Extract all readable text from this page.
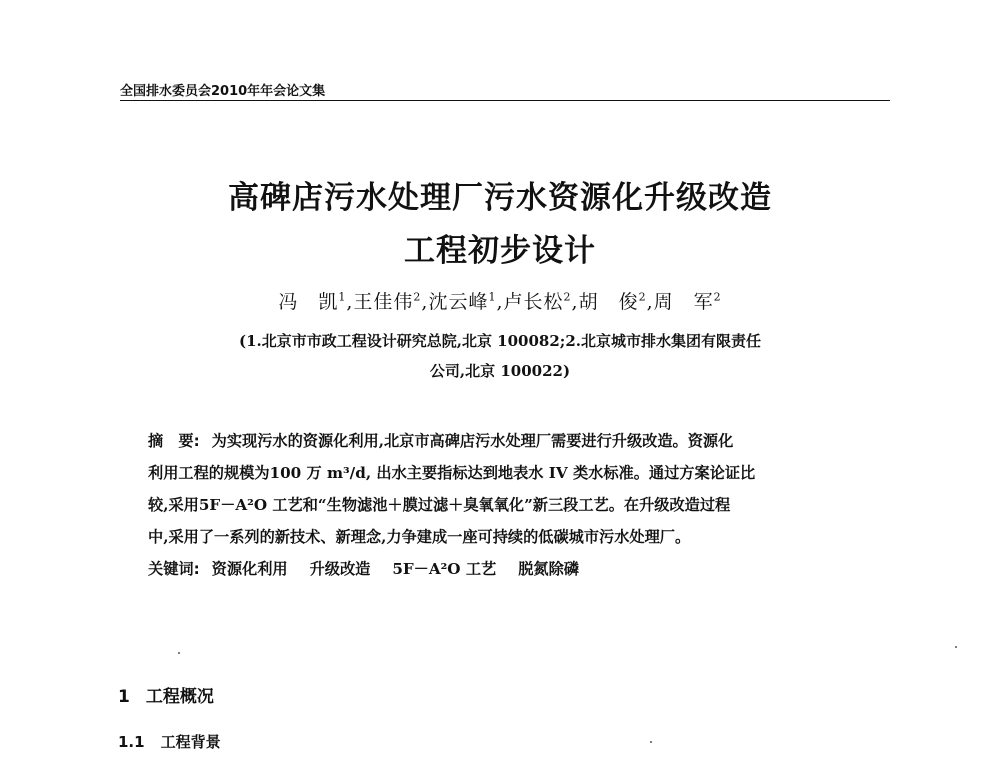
全国排水委员会2010年年会论文集
高碑店污水处理厂污水资源化升级改造
工程初步设计
冯　凯$^1$,王佳伟$^2$,沈云峰$^1$,卢长松$^2$,胡　俊$^2$,周　军$^2$
(1.北京市市政工程设计研究总院,北京 100082;2.北京城市排水集团有限责任
公司,北京 100022)

摘　要: 为实现污水的资源化利用,北京市高碑店污水处理厂需要进行升级改造。资源化

利用工程的规模为100 万 m³/d, 出水主要指标达到地表水 IV 类水标准。通过方案论证比

较,采用5F－A²O 工艺和“生物滤池＋膜过滤＋臭氧氧化”新三段工艺。在升级改造过程

中,采用了一系列的新技术、新理念,力争建成一座可持续的低碳城市污水处理厂。

关键词: 资源化利用 升级改造 5F－A²O 工艺 脱氮除磷

1 工程概况
1.1 工程背景
